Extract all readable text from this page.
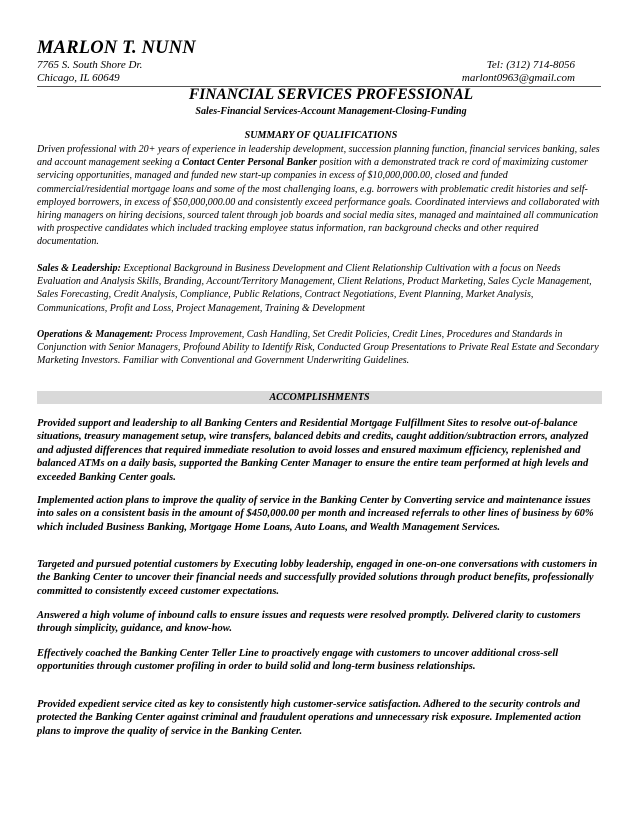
MARLON T. NUNN
7765 S. South Shore Dr.	Tel: (312) 714-8056
Chicago, IL 60649	marlont0963@gmail.com
FINANCIAL SERVICES PROFESSIONAL
Sales-Financial Services-Account Management-Closing-Funding
SUMMARY OF QUALIFICATIONS
Driven professional with 20+ years of experience in leadership development, succession planning function, financial services banking, sales and account management seeking a Contact Center Personal Banker position with a demonstrated track re cord of maximizing customer servicing opportunities, managed and funded new start-up companies in excess of $10,000,000.00, closed and funded commercial/residential mortgage loans and some of the most challenging loans, e.g. borrowers with problematic credit histories and self-employed borrowers, in excess of $50,000,000.00 and consistently exceed performance goals. Coordinated interviews and collaborated with hiring managers on hiring decisions, sourced talent through job boards and social media sites, managed and maintained all communication with prospective candidates which included tracking employee status information, ran background checks and other required documentation.
Sales & Leadership: Exceptional Background in Business Development and Client Relationship Cultivation with a focus on Needs Evaluation and Analysis Skills, Branding, Account/Territory Management, Client Relations, Product Marketing, Sales Cycle Management, Sales Forecasting, Credit Analysis, Compliance, Public Relations, Contract Negotiations, Event Planning, Market Analysis, Communications, Profit and Loss, Project Management, Training & Development
Operations & Management: Process Improvement, Cash Handling, Set Credit Policies, Credit Lines, Procedures and Standards in Conjunction with Senior Managers, Profound Ability to Identify Risk, Conducted Group Presentations to Private Real Estate and Secondary Marketing Investors. Familiar with Conventional and Government Underwriting Guidelines.
ACCOMPLISHMENTS
Provided support and leadership to all Banking Centers and Residential Mortgage Fulfillment Sites to resolve out-of-balance situations, treasury management setup, wire transfers, balanced debits and credits, caught addition/subtraction errors, analyzed and adjusted differences that required immediate resolution to avoid losses and ensured maximum efficiency, replenished and balanced ATMs on a daily basis, supported the Banking Center Manager to ensure the entire team performed at high levels and exceeded Banking Center goals.
Implemented action plans to improve the quality of service in the Banking Center by Converting service and maintenance issues into sales on a consistent basis in the amount of $450,000.00 per month and increased referrals to other lines of business by 60% which included Business Banking, Mortgage Home Loans, Auto Loans, and Wealth Management Services.
Targeted and pursued potential customers by Executing lobby leadership, engaged in one-on-one conversations with customers in the Banking Center to uncover their financial needs and successfully provided solutions through product benefits, professionally committed to consistently exceed customer expectations.
Answered a high volume of inbound calls to ensure issues and requests were resolved promptly. Delivered clarity to customers through simplicity, guidance, and know-how.
Effectively coached the Banking Center Teller Line to proactively engage with customers to uncover additional cross-sell opportunities through customer profiling in order to build solid and long-term business relationships.
Provided expedient service cited as key to consistently high customer-service satisfaction. Adhered to the security controls and protected the Banking Center against criminal and fraudulent operations and unnecessary risk exposure. Implemented action plans to improve the quality of service in the Banking Center.
